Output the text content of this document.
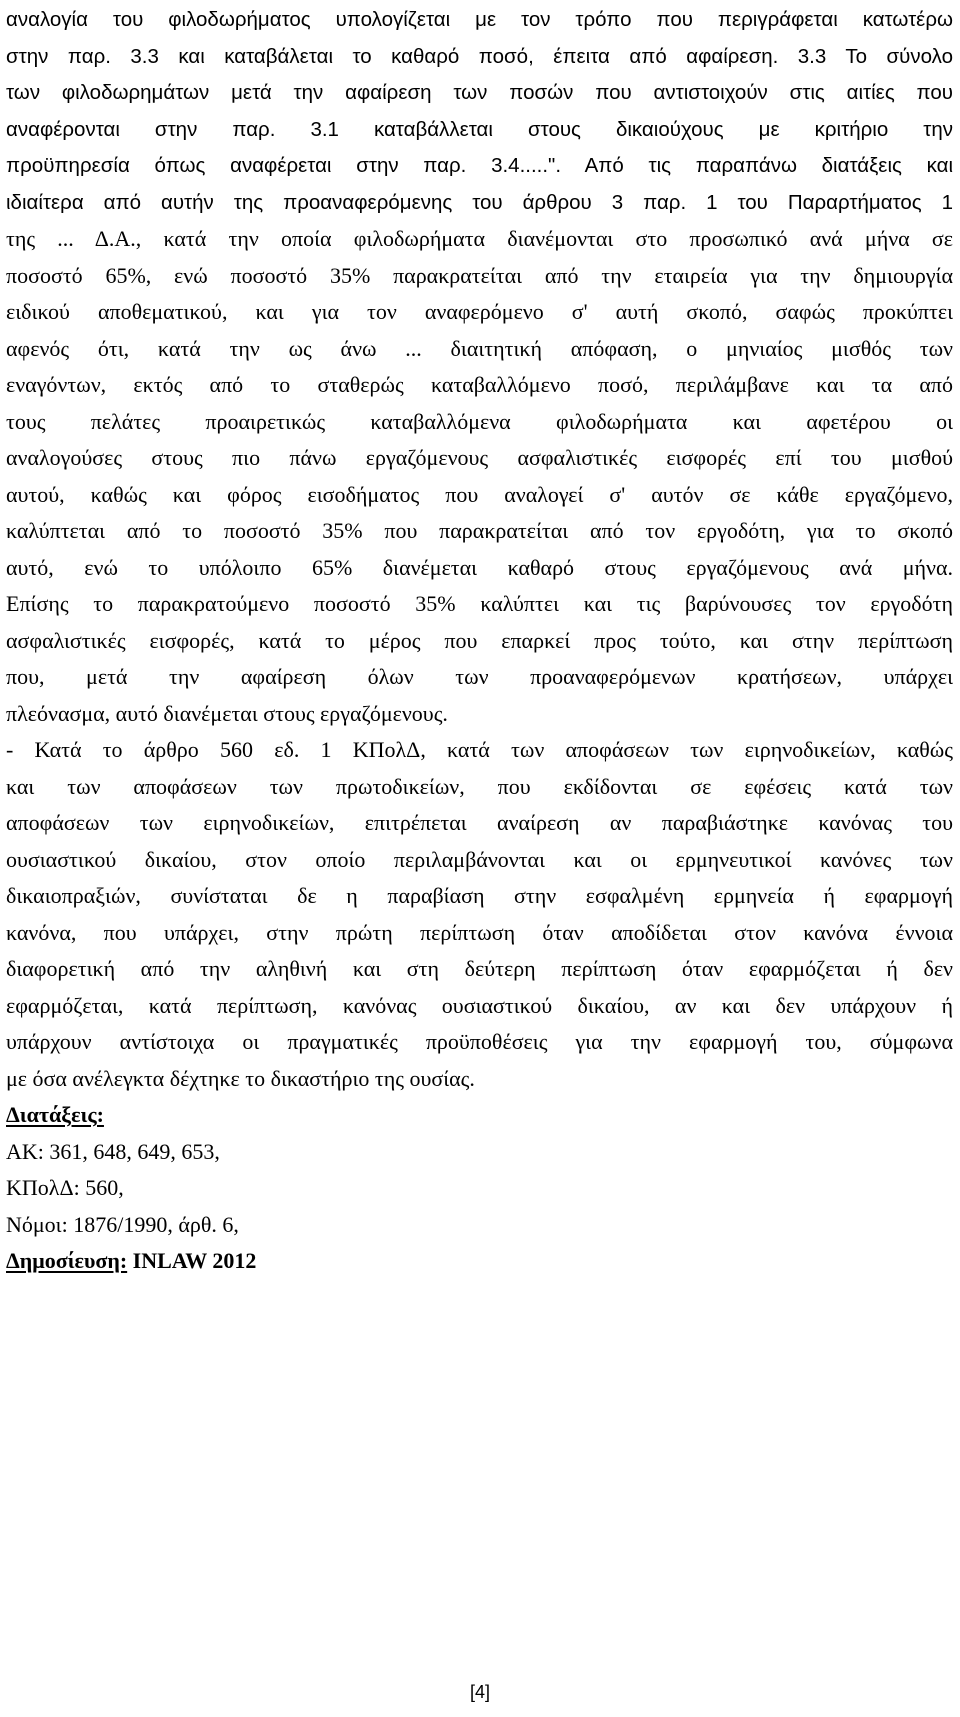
αναλογία του φιλοδωρήματος υπολογίζεται με τον τρόπο που περιγράφεται κατωτέρω
στην παρ. 3.3 και καταβάλεται το καθαρό ποσό, έπειτα από αφαίρεση. 3.3 Το σύνολο
των φιλοδωρημάτων μετά την αφαίρεση των ποσών που αντιστοιχούν στις αιτίες που
αναφέρονται στην παρ. 3.1 καταβάλλεται στους δικαιούχους με κριτήριο την
προϋπηρεσία όπως αναφέρεται στην παρ. 3.4.....". Από τις παραπάνω διατάξεις και
ιδιαίτερα από αυτήν της προαναφερόμενης του άρθρου 3 παρ. 1 του Παραρτήματος 1
της ... Δ.Α., κατά την οποία φιλοδωρήματα διανέμονται στο προσωπικό ανά μήνα σε
ποσοστό 65%, ενώ ποσοστό 35% παρακρατείται από την εταιρεία για την δημιουργία
ειδικού αποθεματικού, και για τον αναφερόμενο σ' αυτή σκοπό, σαφώς προκύπτει
αφενός ότι, κατά την ως άνω ... διαιτητική απόφαση, ο μηνιαίος μισθός των
εναγόντων, εκτός από το σταθερώς καταβαλλόμενο ποσό, περιλάμβανε και τα από
τους πελάτες προαιρετικώς καταβαλλόμενα φιλοδωρήματα και αφετέρου οι
αναλογούσες στους πιο πάνω εργαζόμενους ασφαλιστικές εισφορές επί του μισθού
αυτού, καθώς και φόρος εισοδήματος που αναλογεί σ' αυτόν σε κάθε εργαζόμενο,
καλύπτεται από το ποσοστό 35% που παρακρατείται από τον εργοδότη, για το σκοπό
αυτό, ενώ το υπόλοιπο 65% διανέμεται καθαρό στους εργαζόμενους ανά μήνα.
Επίσης το παρακρατούμενο ποσοστό 35% καλύπτει και τις βαρύνουσες τον εργοδότη
ασφαλιστικές εισφορές, κατά το μέρος που επαρκεί προς τούτο, και στην περίπτωση
που, μετά την αφαίρεση όλων των προαναφερόμενων κρατήσεων, υπάρχει
πλεόνασμα, αυτό διανέμεται στους εργαζόμενους.
- Κατά το άρθρο 560 εδ. 1 ΚΠολΔ, κατά των αποφάσεων των ειρηνοδικείων, καθώς
και των αποφάσεων των πρωτοδικείων, που εκδίδονται σε εφέσεις κατά των
αποφάσεων των ειρηνοδικείων, επιτρέπεται αναίρεση αν παραβιάστηκε κανόνας του
ουσιαστικού δικαίου, στον οποίο περιλαμβάνονται και οι ερμηνευτικοί κανόνες των
δικαιοπραξιών, συνίσταται δε η παραβίαση στην εσφαλμένη ερμηνεία ή εφαρμογή
κανόνα, που υπάρχει, στην πρώτη περίπτωση όταν αποδίδεται στον κανόνα έννοια
διαφορετική από την αληθινή και στη δεύτερη περίπτωση όταν εφαρμόζεται ή δεν
εφαρμόζεται, κατά περίπτωση, κανόνας ουσιαστικού δικαίου, αν και δεν υπάρχουν ή
υπάρχουν αντίστοιχα οι πραγματικές προϋποθέσεις για την εφαρμογή του, σύμφωνα
με όσα ανέλεγκτα δέχτηκε το δικαστήριο της ουσίας.
Διατάξεις:
ΑΚ: 361, 648, 649, 653,
ΚΠολΔ: 560,
Νόμοι: 1876/1990, άρθ. 6,
Δημοσίευση: INLAW 2012
[4]
